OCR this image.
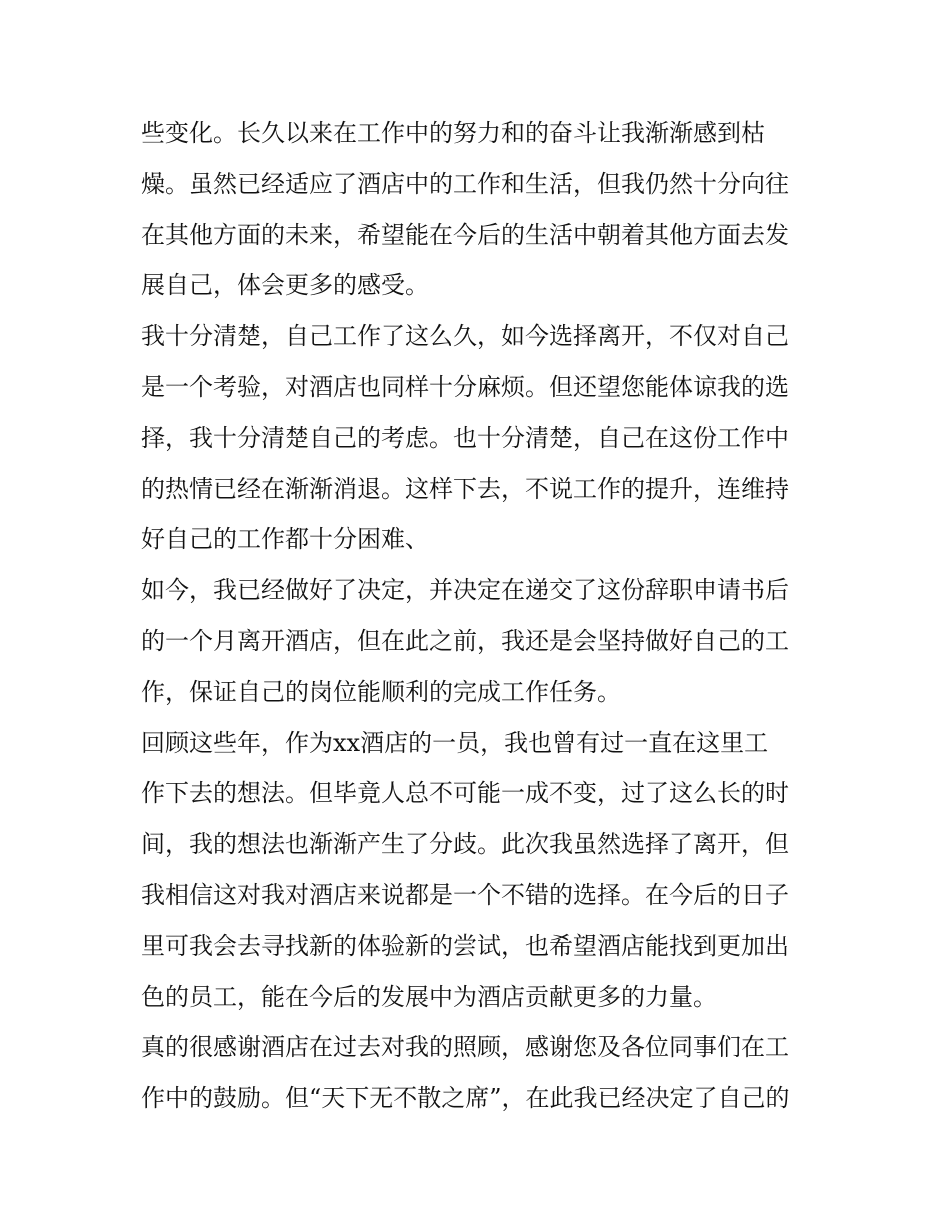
些变化。长久以来在工作中的努力和的奋斗让我渐渐感到枯
燥。虽然已经适应了酒店中的工作和生活，但我仍然十分向往
在其他方面的未来，希望能在今后的生活中朝着其他方面去发
展自己，体会更多的感受。
我十分清楚，自己工作了这么久，如今选择离开，不仅对自己
是一个考验，对酒店也同样十分麻烦。但还望您能体谅我的选
择，我十分清楚自己的考虑。也十分清楚，自己在这份工作中
的热情已经在渐渐消退。这样下去，不说工作的提升，连维持
好自己的工作都十分困难、
如今，我已经做好了决定，并决定在递交了这份辞职申请书后
的一个月离开酒店，但在此之前，我还是会坚持做好自己的工
作，保证自己的岗位能顺利的完成工作任务。
回顾这些年，作为xx酒店的一员，我也曾有过一直在这里工
作下去的想法。但毕竟人总不可能一成不变，过了这么长的时
间，我的想法也渐渐产生了分歧。此次我虽然选择了离开，但
我相信这对我对酒店来说都是一个不错的选择。在今后的日子
里可我会去寻找新的体验新的尝试，也希望酒店能找到更加出
色的员工，能在今后的发展中为酒店贡献更多的力量。
真的很感谢酒店在过去对我的照顾，感谢您及各位同事们在工
作中的鼓励。但“天下无不散之席”，在此我已经决定了自己的
